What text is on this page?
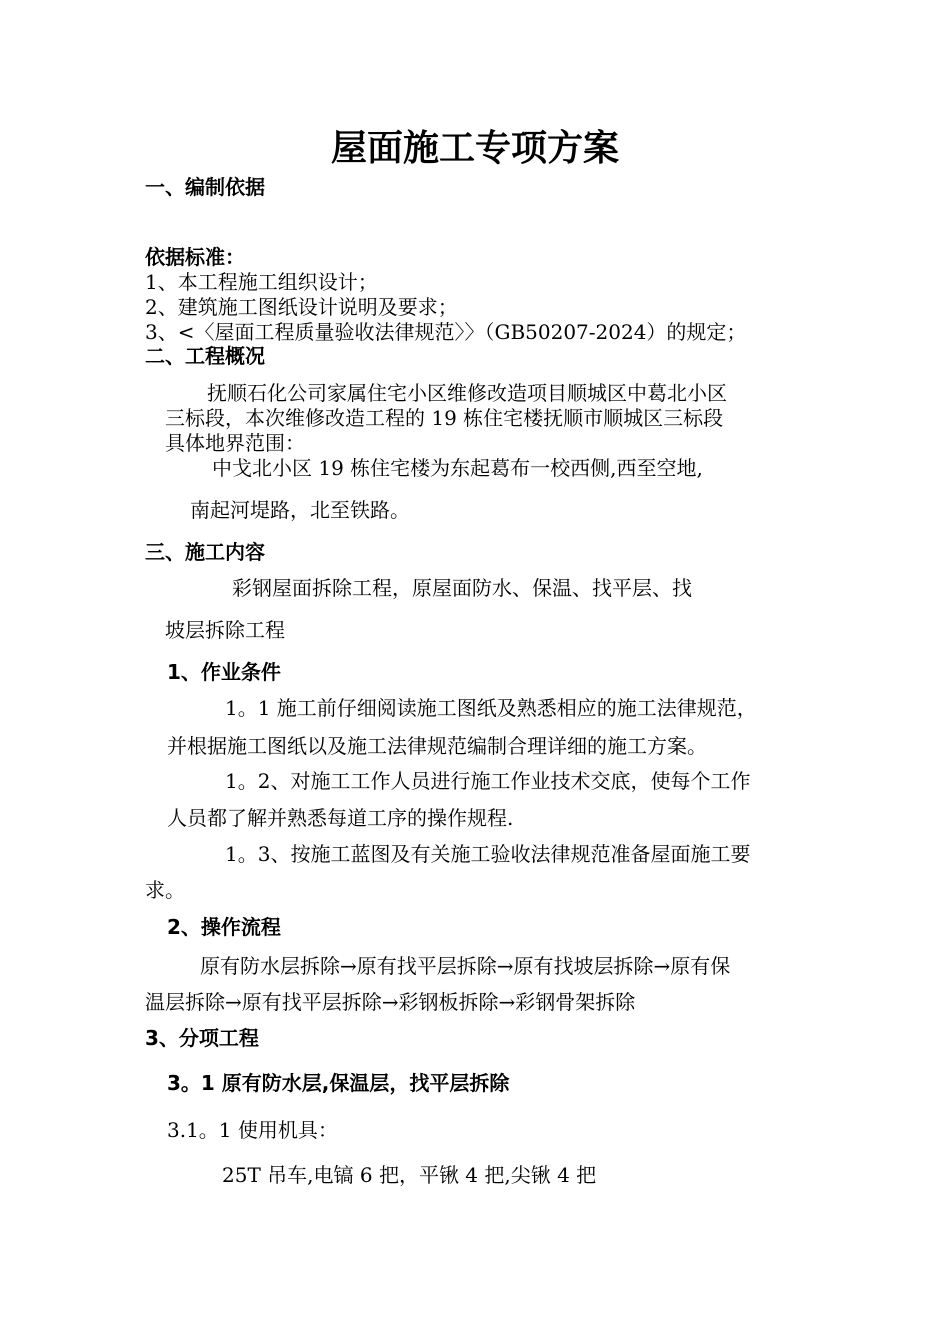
屋面施工专项方案
一、编制依据
依据标准：
1、本工程施工组织设计；
2、建筑施工图纸设计说明及要求；
3、<〈屋面工程质量验收法律规范〉〉（GB50207-2024）的规定；
二、工程概况
抚顺石化公司家属住宅小区维修改造项目顺城区中葛北小区
三标段，本次维修改造工程的 19 栋住宅楼抚顺市顺城区三标段
具体地界范围：
中戈北小区 19 栋住宅楼为东起葛布一校西侧,西至空地,
南起河堤路，北至铁路。
三、施工内容
彩钢屋面拆除工程，原屋面防水、保温、找平层、找
坡层拆除工程
1、作业条件
1。1 施工前仔细阅读施工图纸及熟悉相应的施工法律规范，
并根据施工图纸以及施工法律规范编制合理详细的施工方案。
1。2、对施工工作人员进行施工作业技术交底，使每个工作
人员都了解并熟悉每道工序的操作规程.
1。3、按施工蓝图及有关施工验收法律规范准备屋面施工要
求。
2、操作流程
原有防水层拆除→原有找平层拆除→原有找坡层拆除→原有保
温层拆除→原有找平层拆除→彩钢板拆除→彩钢骨架拆除
3、分项工程
3。1 原有防水层,保温层，找平层拆除
3.1。1 使用机具：
25T 吊车,电镐 6 把，平锹 4 把,尖锹 4 把
